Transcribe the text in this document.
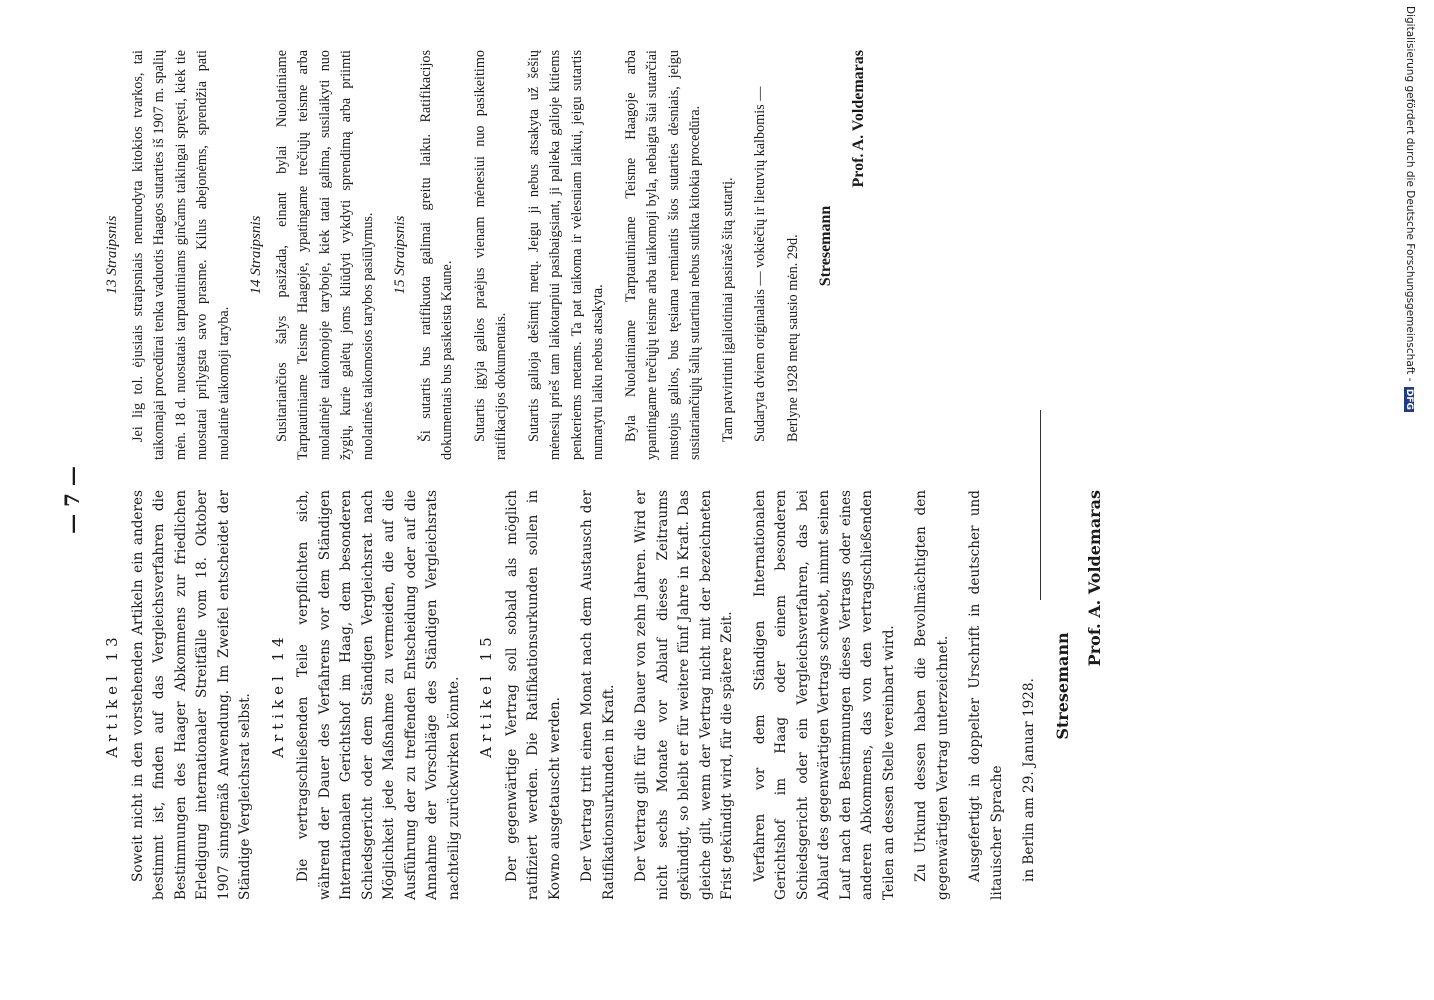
— 7 —
Artikel 13 Soweit nicht in den vorstehenden Artikeln ein anderes bestimmt ist, finden auf das Vergleichsverfahren die Bestimmungen des Haager Abkommens zur friedlichen Erledigung internationaler Streitfälle vom 18. Oktober 1907 sinngemäß Anwendung. Im Zweifel entscheidet der Ständige Vergleichsrat selbst. Artikel 14 Die vertragschließenden Teile verpflichten sich, während der Dauer des Verfahrens vor dem Ständigen Internationalen Gerichtshof im Haag, dem besonderen Schiedsgericht oder dem Ständigen Vergleichsrat nach Möglichkeit jede Maßnahme zu vermeiden, die auf die Ausführung der zu treffenden Entscheidung oder auf die Annahme der Vorschläge des Ständigen Vergleichsrats nachteilig zurückwirken könnte. Artikel 15 Der gegenwärtige Vertrag soll sobald als möglich ratifiziert werden. Die Ratifikationsurkunden sollen in Kowno ausgetauscht werden. Der Vertrag tritt einen Monat nach dem Austausch der Ratifikationsurkunden in Kraft. Der Vertrag gilt für die Dauer von zehn Jahren. Wird er nicht sechs Monate vor Ablauf dieses Zeitraums gekündigt, so bleibt er für weitere fünf Jahre in Kraft. Das gleiche gilt, wenn der Vertrag nicht mit der bezeichneten Frist gekündigt wird, für die spätere Zeit. Verfahren vor dem Ständigen Internationalen Gerichtshof im Haag oder einem besonderen Schiedsgericht oder ein Vergleichsverfahren, das bei Ablauf des gegenwärtigen Vertrags schwebt, nimmt seinen Lauf nach den Bestimmungen dieses Vertrags oder eines anderen Abkommens, das von den vertragschließenden Teilen an dessen Stelle vereinbart wird. Zu Urkund dessen haben die Bevollmächtigten den gegenwärtigen Vertrag unterzeichnet. Ausgefertigt in doppelter Urschrift in deutscher und litauischer Sprache in Berlin am 29. Januar 1928. Stresemann

Prof. A. Voldemaras

13 Straipsnis Jei lig tol. ėjusiais straipsniais nenurodyta kitokios tvarkos, tai taikomajai procedūrai tenka vaduotis Haagos sutarties iš 1907 m. spalių mėn. 18 d. nuostatais tarptautiniams ginčams taikingai spręsti, kiek tie nuostatai prilygsta savo prasme. Kilus abejonėms, sprendžia pati nuolatinė taikomoji taryba.

14 Straipsnis Susitariančios šalys pasižada, einant bylai Nuolatiniame Tarptautiniame Teisme Haagoje, ypatingame trečiųjų teisme arba nuolatinėje taikomojoje taryboje, kiek tatai galima, susilaikyti nuo žygių, kurie galėtų joms kliūdyti vykdyti sprendimą arba priimti nuolatinės taikomosios tarybos pasiūlymus. 15 Straipsnis Ši sutartis bus ratifikuota galimai greitu laiku. Ratifikacijos dokumentais bus pasikeista Kaune. Sutartis įgyja galios praėjus vienam mėnesiui nuo pasikeitimo ratifikacijos dokumentais. Sutartis galioja dešimtį metų. Jeigu ji nebus atsakyta už šešių mėnesių prieš tam laikotarpiui pasibaigsiant, ji palieka galioje kitiems penkeriems metams. Ta pat taikoma ir vėlesniam laikui, jeigu sutartis numatytu laiku nebus atsakyta. Byla Nuolatiniame Tarptautiniame Teisme Haagoje arba ypantingame trečiųjų teisme arba taikomoji byla, nebaigta šiai sutarčiai nustojus galios, bus tęsiama remiantis šios sutarties dėsniais, jeigu susitariančiųjų šalių sutartinai nebus sutikta kitokia procedūra. Tam patvirtinti įgaliotiniai pasirašė šitą sutartį. Sudaryta dviem originalais — vokiečių ir lietuvių kalbomis — Berlyne 1928 metų sausio mėn. 29d. Stresemann

Prof. A. Voldemaras	Digitalisierung gefördert durch die Deutsche Forschungsgemeinschaft - DFG
